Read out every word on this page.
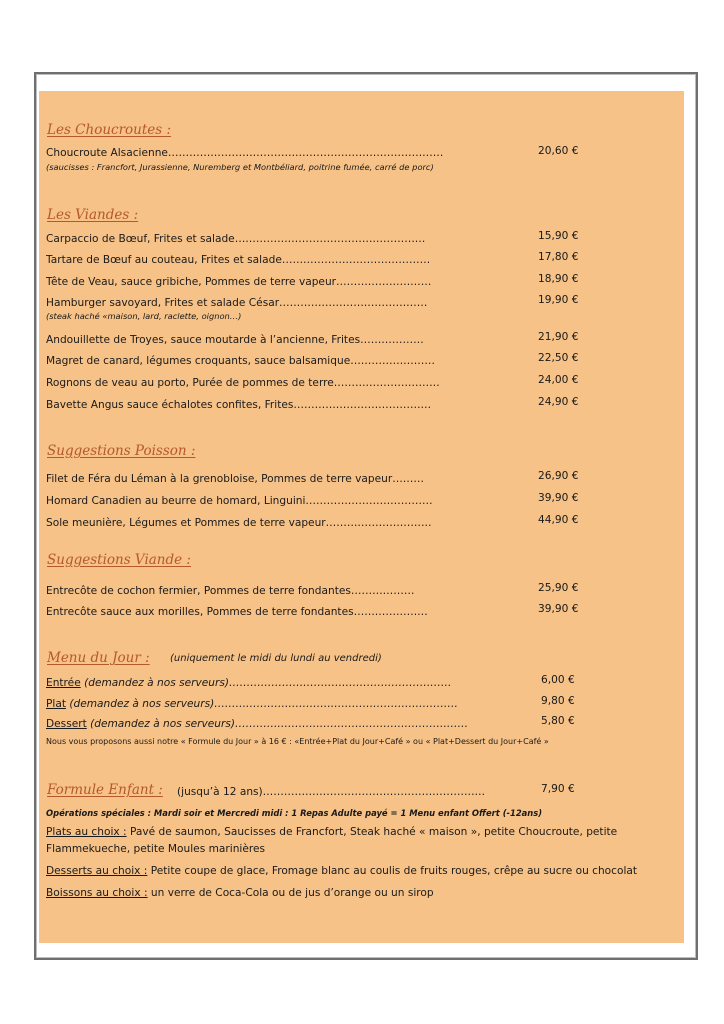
Les Choucroutes :
Choucroute Alsacienne……………………………………………………………………	20,60 €
(saucisses : Francfort, Jurassienne, Nuremberg et Montbéliard, poitrine fumée, carré de porc)
Les Viandes :
Carpaccio de Bœuf, Frites et salade………………………………………………	15,90 €
Tartare de Bœuf au couteau, Frites et salade……………………………………	17,80 €
Tête de Veau, sauce gribiche, Pommes de terre vapeur………………………	18,90 €
Hamburger savoyard, Frites et salade César……………………………………	19,90 €
(steak haché «maison, lard, raclette, oignon…)
Andouillette de Troyes, sauce moutarde à l’ancienne, Frites………………	21,90 €
Magret de canard, légumes croquants, sauce balsamique……………………	22,50 €
Rognons de veau au porto, Purée de pommes de terre…………………………	24,00 €
Bavette Angus sauce échalotes confites, Frites…………………………………	24,90 €
Suggestions Poisson :
Filet de Féra du Léman à la grenobloise, Pommes de terre vapeur………	26,90 €
Homard Canadien au beurre de homard, Linguini………………………………	39,90 €
Sole meunière, Légumes et Pommes de terre vapeur…………………………	44,90 €
Suggestions Viande :
Entrecôte de cochon fermier, Pommes de terre fondantes………………	25,90 €
Entrecôte sauce aux morilles, Pommes de terre fondantes…………………	39,90 €
Menu du Jour : (uniquement le midi du lundi au vendredi)
Entrée (demandez à nos serveurs)………………………………………………………	6,00 €
Plat (demandez à nos serveurs)……………………………………………………………	9,80 €
Dessert (demandez à nos serveurs)…………………………………………………………	5,80 €
Nous vous proposons aussi notre « Formule du Jour » à 16 € : «Entrée+Plat du Jour+Café » ou « Plat+Dessert du Jour+Café »
Formule Enfant : (jusqu’à 12 ans)………………………………………………………	7,90 €
Opérations spéciales : Mardi soir et Mercredi midi : 1 Repas Adulte payé = 1 Menu enfant Offert (-12ans)
Plats au choix : Pavé de saumon, Saucisses de Francfort, Steak haché « maison », petite Choucroute, petite
Flammekueche, petite Moules marinières
Desserts au choix : Petite coupe de glace, Fromage blanc au coulis de fruits rouges, crêpe au sucre ou chocolat
Boissons au choix : un verre de Coca-Cola ou de jus d’orange ou un sirop
